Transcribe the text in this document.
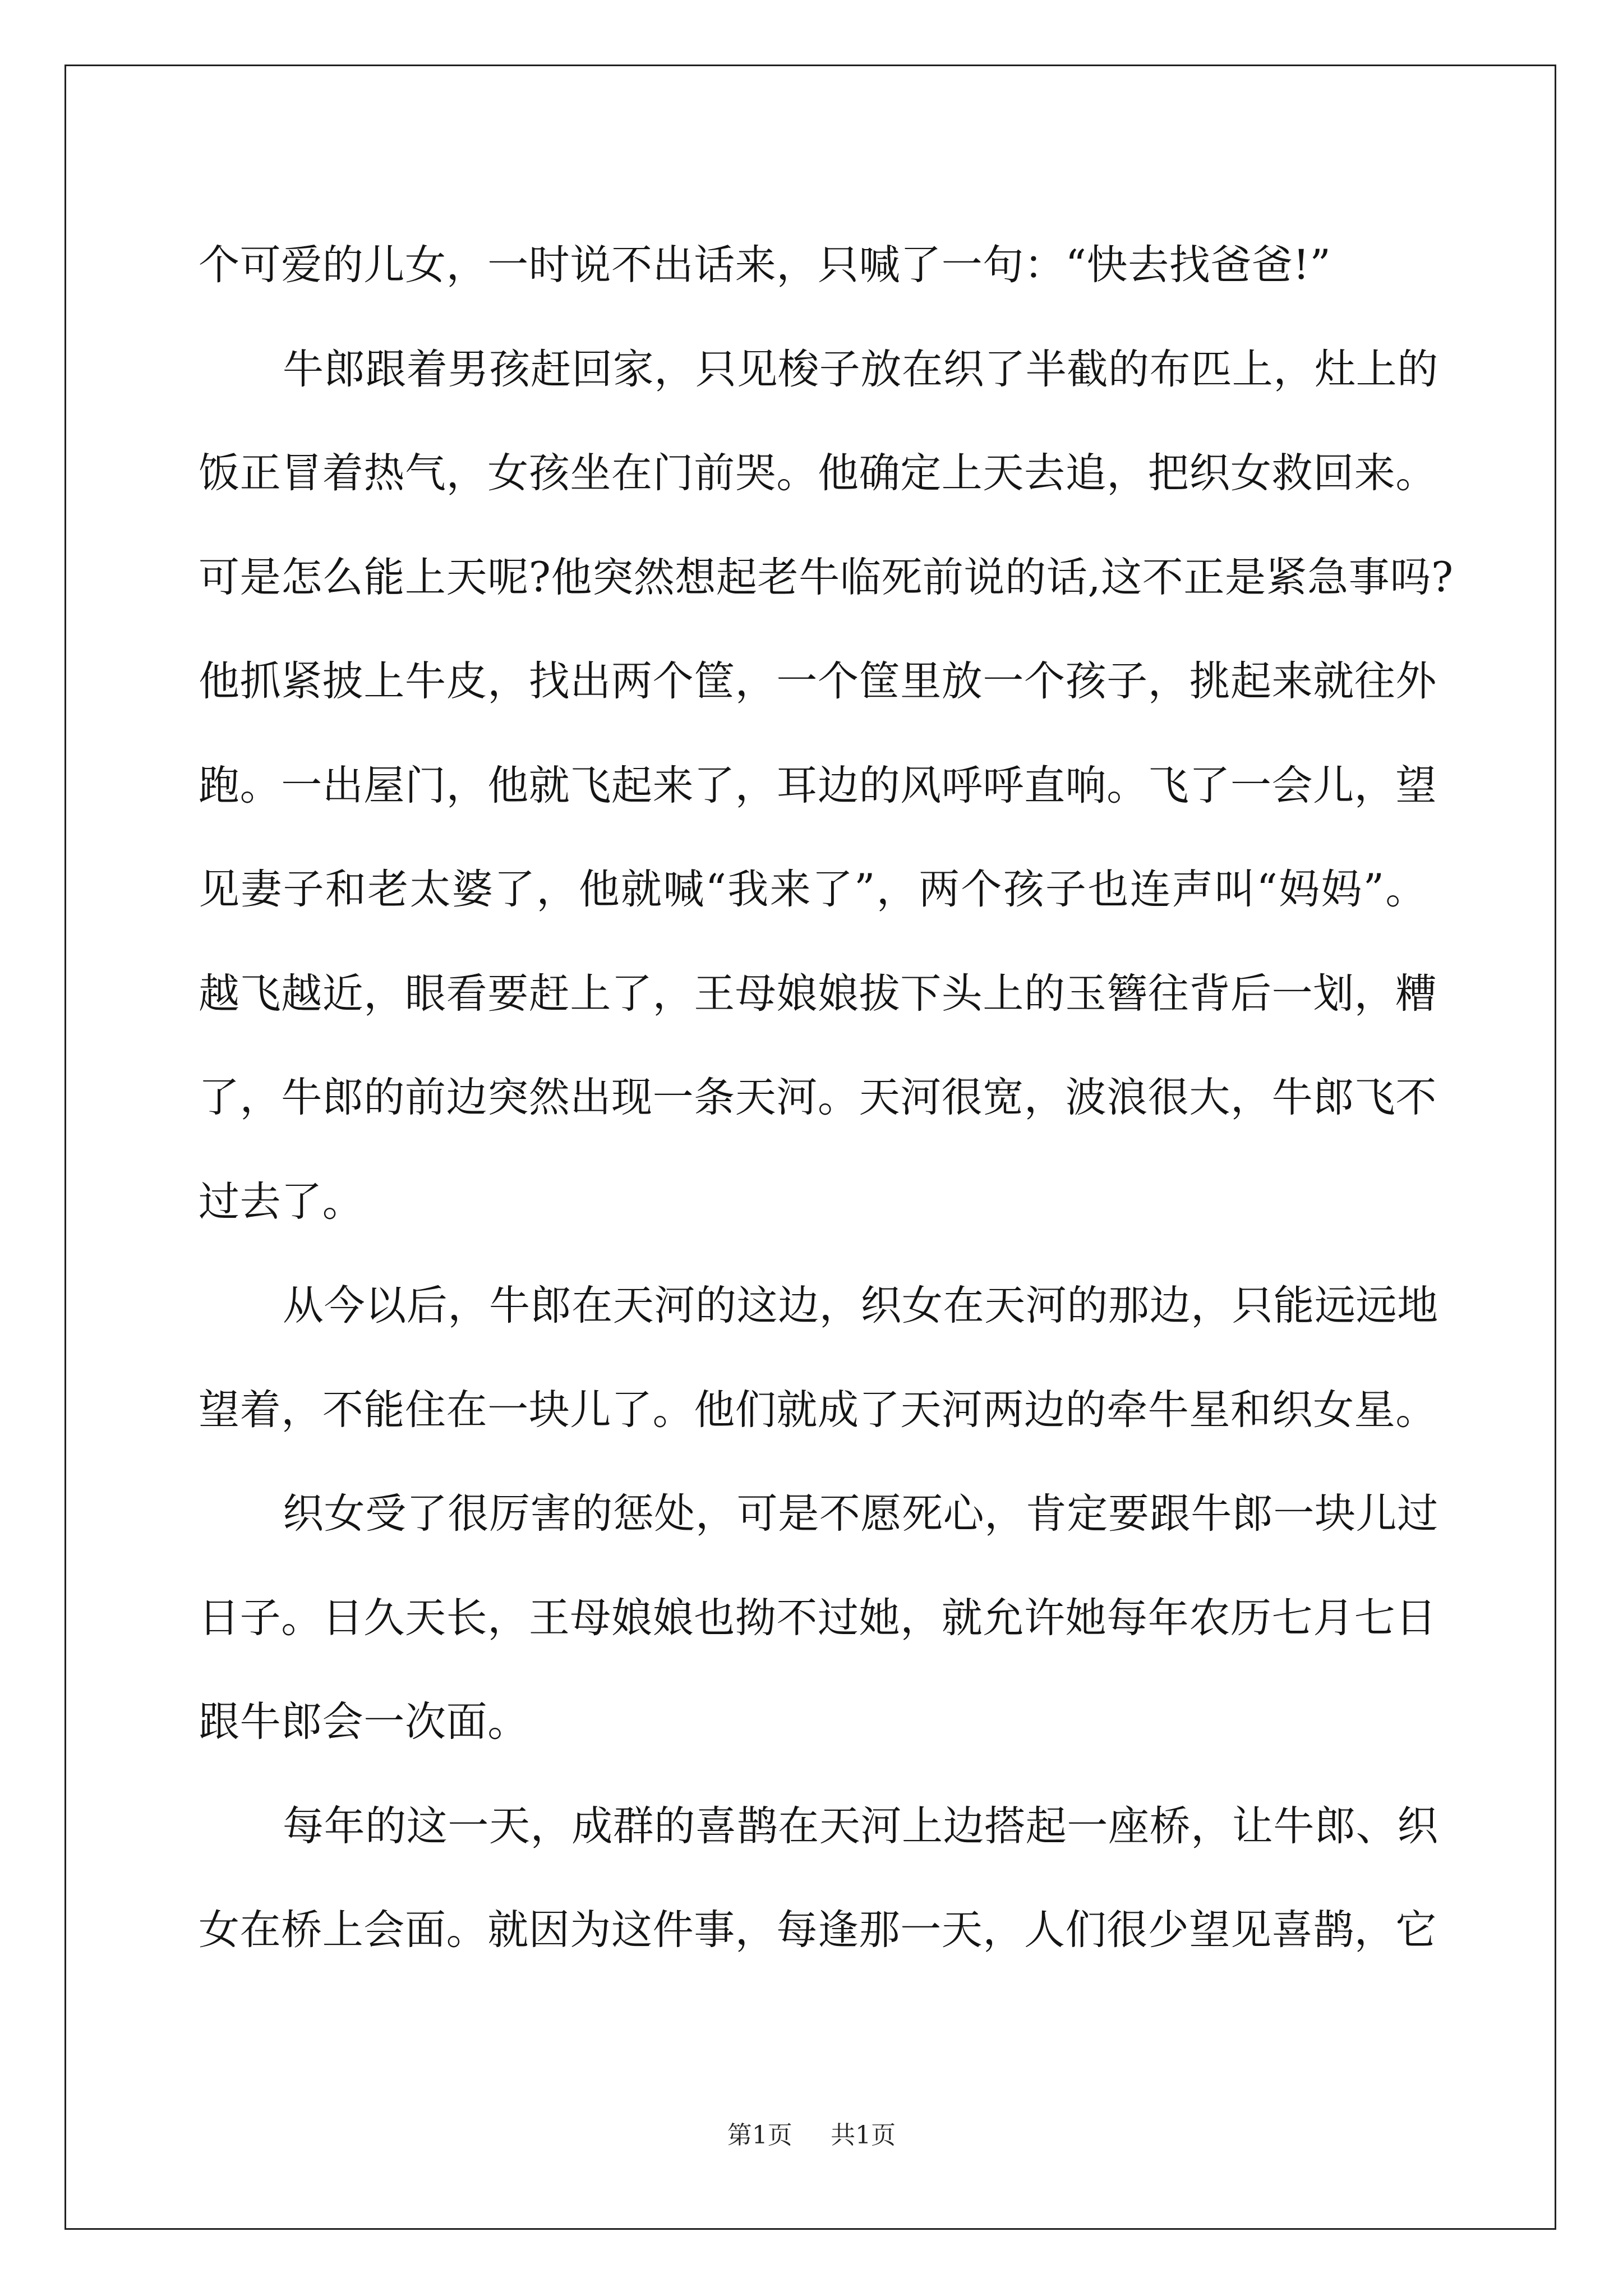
个可爱的儿女，一时说不出话来，只喊了一句：“快去找爸爸!”
牛郎跟着男孩赶回家，只见梭子放在织了半截的布匹上，灶上的
饭正冒着热气，女孩坐在门前哭。他确定上天去追，把织女救回来。
可是怎么能上天呢?他突然想起老牛临死前说的话,这不正是紧急事吗?
他抓紧披上牛皮，找出两个筐，一个筐里放一个孩子，挑起来就往外
跑。一出屋门，他就飞起来了，耳边的风呼呼直响。飞了一会儿，望
见妻子和老太婆了，他就喊“我来了”，两个孩子也连声叫“妈妈”。
越飞越近，眼看要赶上了，王母娘娘拔下头上的玉簪往背后一划，糟
了，牛郎的前边突然出现一条天河。天河很宽，波浪很大，牛郎飞不
过去了。
从今以后，牛郎在天河的这边，织女在天河的那边，只能远远地
望着，不能住在一块儿了。他们就成了天河两边的牵牛星和织女星。
织女受了很厉害的惩处，可是不愿死心，肯定要跟牛郎一块儿过
日子。日久天长，王母娘娘也拗不过她，就允许她每年农历七月七日
跟牛郎会一次面。
每年的这一天，成群的喜鹊在天河上边搭起一座桥，让牛郎、织
女在桥上会面。就因为这件事，每逢那一天，人们很少望见喜鹊，它
第1页 共1页
